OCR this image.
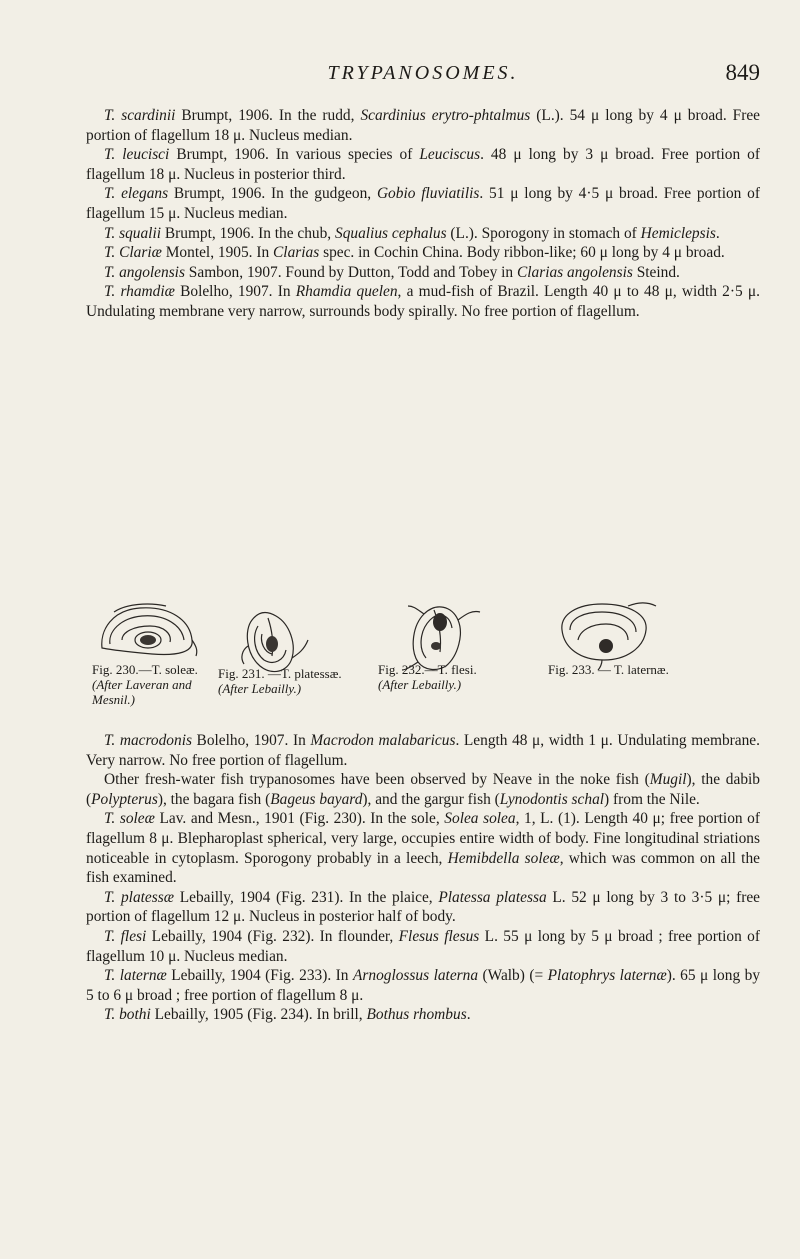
TRYPANOSOMES.	849

T. scardinii Brumpt, 1906. In the rudd, Scardinius erytro-phtalmus (L.). 54 μ long by 4 μ broad. Free portion of flagellum 18 μ. Nucleus median.

T. leucisci Brumpt, 1906. In various species of Leuciscus. 48 μ long by 3 μ broad. Free portion of flagellum 18 μ. Nucleus in posterior third.

T. elegans Brumpt, 1906. In the gudgeon, Gobio fluviatilis. 51 μ long by 4·5 μ broad. Free portion of flagellum 15 μ. Nucleus median.

T. squalii Brumpt, 1906. In the chub, Squalius cephalus (L.). Sporogony in stomach of Hemiclepsis.

T. Clariæ Montel, 1905. In Clarias spec. in Cochin China. Body ribbon-like; 60 μ long by 4 μ broad.

T. angolensis Sambon, 1907. Found by Dutton, Todd and Tobey in Clarias angolensis Steind.

T. rhamdiæ Bolelho, 1907. In Rhamdia quelen, a mud-fish of Brazil. Length 40 μ to 48 μ, width 2·5 μ. Undulating membrane very narrow, surrounds body spirally. No free portion of flagellum.

Fig. 230.—T. soleæ.
(After Laveran and Mesnil.)
Fig. 231. —T. platessæ.
(After Lebailly.)
Fig. 232.—T. flesi.
(After Lebailly.)
Fig. 233. — T. laternæ.

T. macrodonis Bolelho, 1907. In Macrodon malabaricus. Length 48 μ, width 1 μ. Undulating membrane. Very narrow. No free portion of flagellum.

Other fresh-water fish trypanosomes have been observed by Neave in the noke fish (Mugil), the dabib (Polypterus), the bagara fish (Bageus bayard), and the gargur fish (Lynodontis schal) from the Nile.

T. soleæ Lav. and Mesn., 1901 (Fig. 230). In the sole, Solea solea, 1, L. (1). Length 40 μ; free portion of flagellum 8 μ. Blepharoplast spherical, very large, occupies entire width of body. Fine longitudinal striations noticeable in cytoplasm. Sporogony probably in a leech, Hemibdella soleæ, which was common on all the fish examined.

T. platessæ Lebailly, 1904 (Fig. 231). In the plaice, Platessa platessa L. 52 μ long by 3 to 3·5 μ; free portion of flagellum 12 μ. Nucleus in posterior half of body.

T. flesi Lebailly, 1904 (Fig. 232). In flounder, Flesus flesus L. 55 μ long by 5 μ broad ; free portion of flagellum 10 μ. Nucleus median.

T. laternæ Lebailly, 1904 (Fig. 233). In Arnoglossus laterna (Walb) (= Platophrys laternæ). 65 μ long by 5 to 6 μ broad ; free portion of flagellum 8 μ.

T. bothi Lebailly, 1905 (Fig. 234). In brill, Bothus rhombus.
